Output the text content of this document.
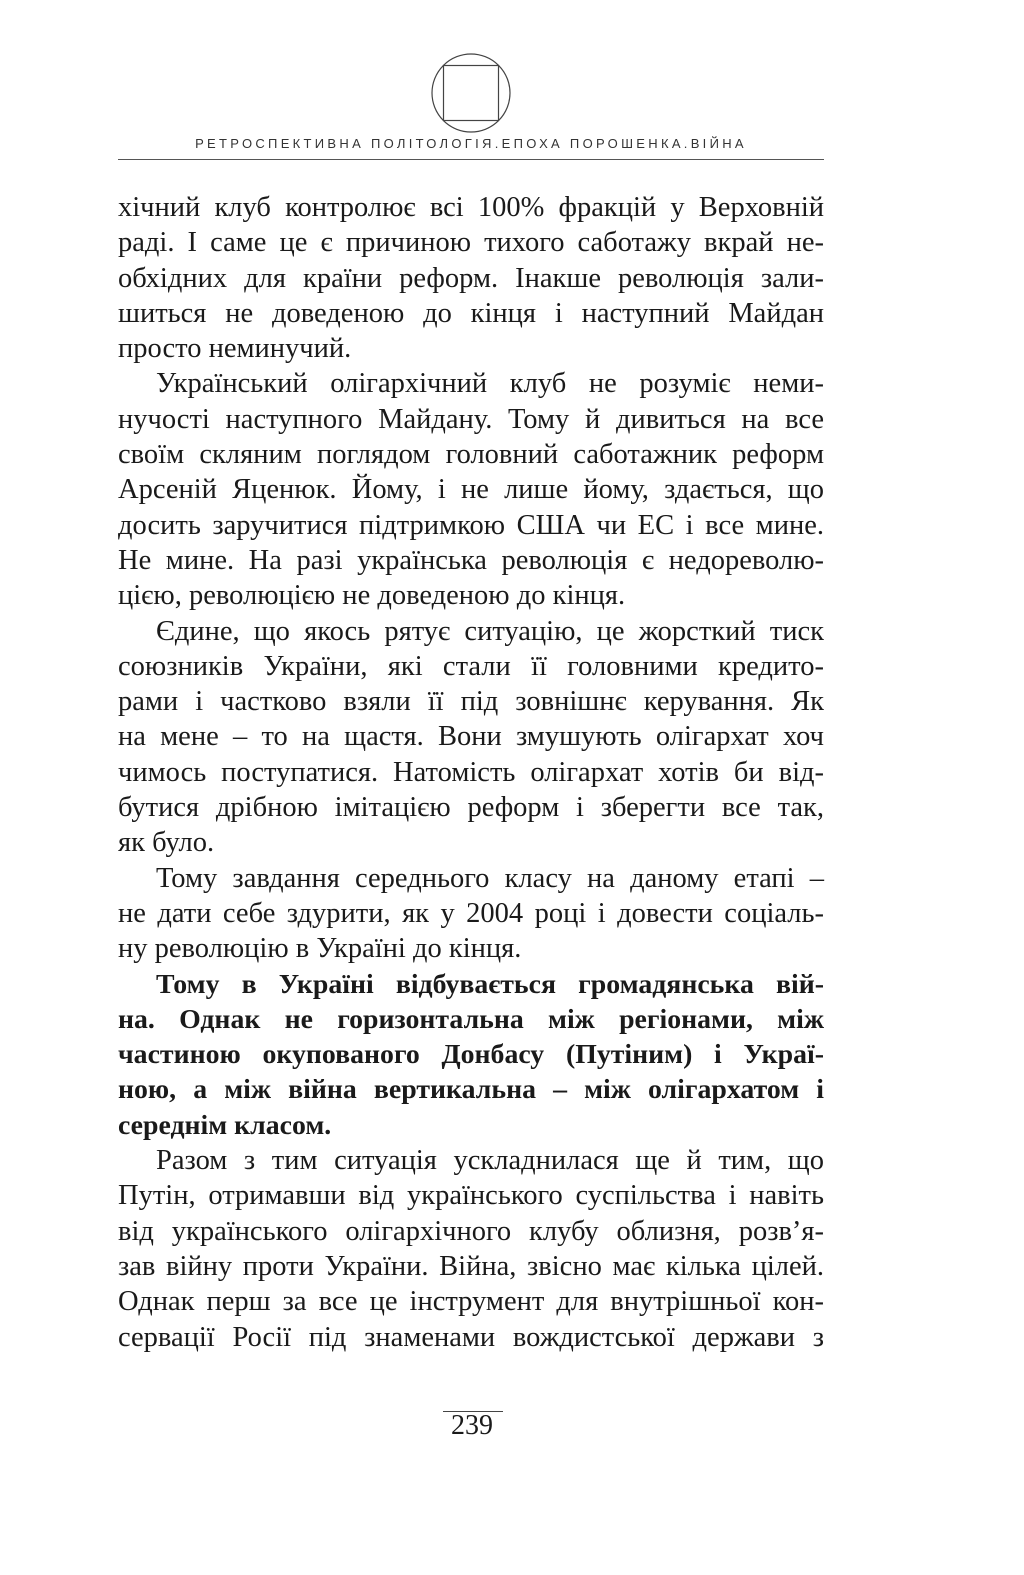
РЕТРОСПЕКТИВНА ПОЛІТОЛОГІЯ.ЕПОХА ПОРОШЕНКА.ВІЙНА
хічний клуб контролює всі 100% фракцій у Верховній
раді. І саме це є причиною тихого саботажу вкрай не-
обхідних для країни реформ. Інакше революція зали-
шиться не доведеною до кінця і наступний Майдан
просто неминучий.
Український олігархічний клуб не розуміє неми-
нучості наступного Майдану. Тому й дивиться на все
своїм скляним поглядом головний саботажник реформ
Арсеній Яценюк. Йому, і не лише йому, здається, що
досить заручитися підтримкою США чи ЕС і все мине.
Не мине. На разі українська революція є недореволю-
цією, революцією не доведеною до кінця.
Єдине, що якось рятує ситуацію, це жорсткий тиск
союзників України, які стали її головними кредито-
рами і частково взяли її під зовнішнє керування. Як
на мене – то на щастя. Вони змушують олігархат хоч
чимось поступатися. Натомість олігархат хотів би від-
бутися дрібною імітацією реформ і зберегти все так,
як було.
Тому завдання середнього класу на даному етапі –
не дати себе здурити, як у 2004 році і довести соціаль-
ну революцію в Україні до кінця.
Тому в Україні відбувається громадянська вій-
на. Однак не горизонтальна між регіонами, між
частиною окупованого Донбасу (Путіним) і Украї-
ною, а між війна вертикальна – між олігархатом і
середнім класом.
Разом з тим ситуація ускладнилася ще й тим, що
Путін, отримавши від українського суспільства і навіть
від українського олігархічного клубу облизня, розв’я-
зав війну проти України. Війна, звісно має кілька цілей.
Однак перш за все це інструмент для внутрішньої кон-
сервації Росії під знаменами вождистської держави з
239
